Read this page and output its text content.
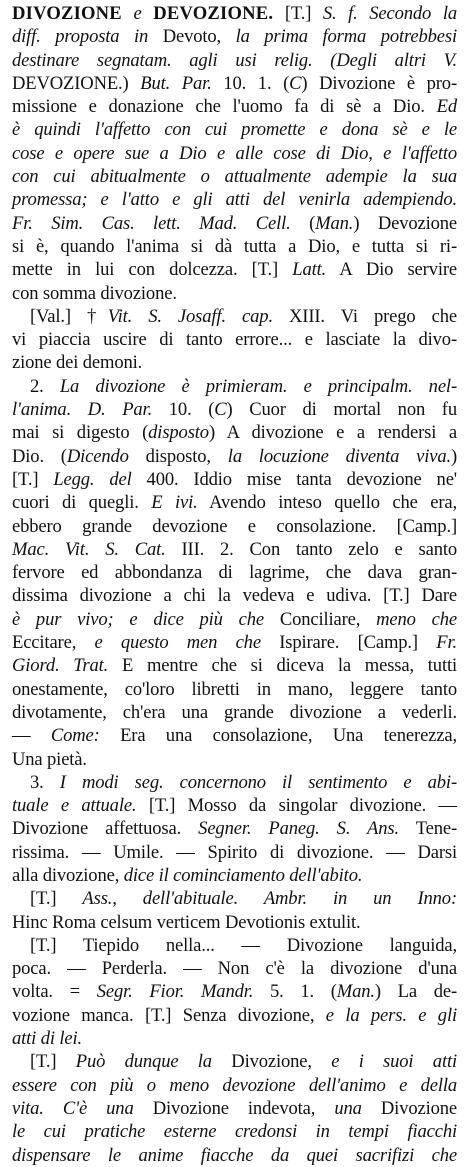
DIVOZIONE e DEVOZIONE. [T.] S. f. Secondo la
diff. proposta in Devoto, la prima forma potrebbesi
destinare segnatam. agli usi relig. (Degli altri V.
DEVOZIONE.) But. Par. 10. 1. (C) Divozione è pro-
missione e donazione che l'uomo fa di sè a Dio. Ed
è quindi l'affetto con cui promette e dona sè e le
cose e opere sue a Dio e alle cose di Dio, e l'affetto
con cui abitualmente o attualmente adempie la sua
promessa; e l'atto e gli atti del venirla adempiendo.
Fr. Sim. Cas. lett. Mad. Cell. (Man.) Devozione
si è, quando l'anima si dà tutta a Dio, e tutta si ri-
mette in lui con dolcezza. [T.] Latt. A Dio servire
con somma divozione.
[Val.] †Vit. S. Josaff. cap. XIII. Vi prego che
vi piaccia uscire di tanto errore... e lasciate la divo-
zione dei demoni.
2. La divozione è primieram. e principalm. nel-
l'anima. D. Par. 10. (C) Cuor di mortal non fu
mai si digesto (disposto) A divozione e a rendersi a
Dio. (Dicendo disposto, la locuzione diventa viva.)
[T.] Legg. del 400. Iddio mise tanta devozione ne'
cuori di quegli. E ivi. Avendo inteso quello che era,
ebbero grande devozione e consolazione. [Camp.]
Mac. Vit. S. Cat. III. 2. Con tanto zelo e santo
fervore ed abbondanza di lagrime, che dava gran-
dissima divozione a chi la vedeva e udiva. [T.] Dare
è pur vivo; e dice più che Conciliare, meno che
Eccitare, e questo men che Ispirare. [Camp.] Fr.
Giord. Trat. E mentre che si diceva la messa, tutti
onestamente, co'loro libretti in mano, leggere tanto
divotamente, ch'era una grande divozione a vederli.
— Come: Era una consolazione, Una tenerezza,
Una pietà.
3. I modi seg. concernono il sentimento e abi-
tuale e attuale. [T.] Mosso da singolar divozione. —
Divozione affettuosa. Segner. Paneg. S. Ans. Tene-
rissima. — Umile. — Spirito di divozione. — Darsi
alla divozione, dice il cominciamento dell'abito.
[T.] Ass., dell'abituale. Ambr. in un Inno:
Hinc Roma celsum verticem Devotionis extulit.
[T.] Tiepido nella... — Divozione languida,
poca. — Perderla. — Non c'è la divozione d'una
volta. = Segr. Fior. Mandr. 5. 1. (Man.) La de-
vozione manca. [T.] Senza divozione, e la pers. e gli
atti di lei.
[T.] Può dunque la Divozione, e i suoi atti
essere con più o meno devozione dell'animo e della
vita. C'è una Divozione indevota, una Divozione
le cui pratiche esterne credonsi in tempi fiacchi
dispensare le anime fiacche da quei sacrifizi che
